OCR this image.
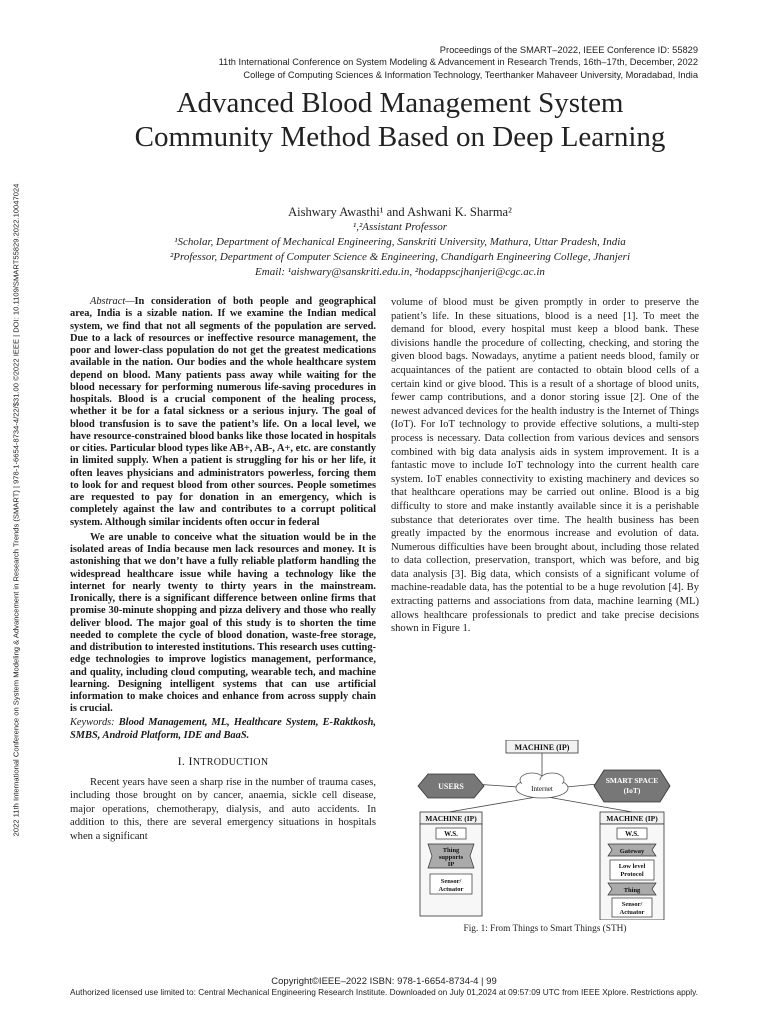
2022 11th International Conference on System Modeling & Advancement in Research Trends (SMART) | 978-1-6654-8734-4/22/$31.00 ©2022 IEEE | DOI: 10.1109/SMART55829.2022.10047024
Proceedings of the SMART–2022, IEEE Conference ID: 55829
11th International Conference on System Modeling & Advancement in Research Trends, 16th–17th, December, 2022
College of Computing Sciences & Information Technology, Teerthanker Mahaveer University, Moradabad, India
Advanced Blood Management System
Community Method Based on Deep Learning
Aishwary Awasthi¹ and Ashwani K. Sharma²
¹,²Assistant Professor
¹Scholar, Department of Mechanical Engineering, Sanskriti University, Mathura, Uttar Pradesh, India
²Professor, Department of Computer Science & Engineering, Chandigarh Engineering College, Jhanjeri
Email: ¹aishwary@sanskriti.edu.in, ²hodappscjhanjeri@cgc.ac.in

Abstract—In consideration of both people and geographical area, India is a sizable nation. If we examine the Indian medical system, we find that not all segments of the population are served. Due to a lack of resources or ineffective resource management, the poor and lower-class population do not get the greatest medications available in the nation. Our bodies and the whole healthcare system depend on blood. Many patients pass away while waiting for the blood necessary for performing numerous life-saving procedures in hospitals. Blood is a crucial component of the healing process, whether it be for a fatal sickness or a serious injury. The goal of blood transfusion is to save the patient’s life. On a local level, we have resource-constrained blood banks like those located in hospitals or cities. Particular blood types like AB+, AB-, A+, etc. are constantly in limited supply. When a patient is struggling for his or her life, it often leaves physicians and administrators powerless, forcing them to look for and request blood from other sources. People sometimes are requested to pay for donation in an emergency, which is completely against the law and contributes to a corrupt political system. Although similar incidents often occur in federal

We are unable to conceive what the situation would be in the isolated areas of India because men lack resources and money. It is astonishing that we don’t have a fully reliable platform handling the widespread healthcare issue while having a technology like the internet for nearly twenty to thirty years in the mainstream. Ironically, there is a significant difference between online firms that promise 30-minute shopping and pizza delivery and those who really deliver blood. The major goal of this study is to shorten the time needed to complete the cycle of blood donation, waste-free storage, and distribution to interested institutions. This research uses cutting-edge technologies to improve logistics management, performance, and quality, including cloud computing, wearable tech, and machine learning. Designing intelligent systems that can use artificial information to make choices and enhance from across supply chain is crucial.

Keywords: Blood Management, ML, Healthcare System, E-Raktkosh, SMBS, Android Platform, IDE and BaaS.

I. INTRODUCTION

Recent years have seen a sharp rise in the number of trauma cases, including those brought on by cancer, anaemia, sickle cell disease, major operations, chemotherapy, dialysis, and auto accidents. In addition to this, there are several emergency situations in hospitals when a significant

volume of blood must be given promptly in order to preserve the patient’s life. In these situations, blood is a need [1]. To meet the demand for blood, every hospital must keep a blood bank. These divisions handle the procedure of collecting, checking, and storing the given blood bags. Nowadays, anytime a patient needs blood, family or acquaintances of the patient are contacted to obtain blood cells of a certain kind or give blood. This is a result of a shortage of blood units, fewer camp contributions, and a donor storing issue [2]. One of the newest advanced devices for the health industry is the Internet of Things (IoT). For IoT technology to provide effective solutions, a multi-step process is necessary. Data collection from various devices and sensors combined with big data analysis aids in system improvement. It is a fantastic move to include IoT technology into the current health care system. IoT enables connectivity to existing machinery and devices so that healthcare operations may be carried out online. Blood is a big difficulty to store and make instantly available since it is a perishable substance that deteriorates over time. The health business has been greatly impacted by the enormous increase and evolution of data. Numerous difficulties have been brought about, including those related to data collection, preservation, transport, which was before, and big data analysis [3]. Big data, which consists of a significant volume of machine-readable data, has the potential to be a huge revolution [4]. By extracting patterns and associations from data, machine learning (ML) allows healthcare professionals to predict and take precise decisions shown in Figure 1.

MACHINE (IP)
USERS	Internet
SMART SPACE
(IoT)
MACHINE (IP)
W.S.
Thing
supports
IP
Sensor/
Actuator
MACHINE (IP)
W.S.
Gateway
Low level
Protocol
Thing
Sensor/
Actuator
Fig. 1: From Things to Smart Things (STH)
Copyright©IEEE–2022 ISBN: 978-1-6654-8734-4 | 99
Authorized licensed use limited to: Central Mechanical Engineering Research Institute. Downloaded on July 01,2024 at 09:57:09 UTC from IEEE Xplore. Restrictions apply.
